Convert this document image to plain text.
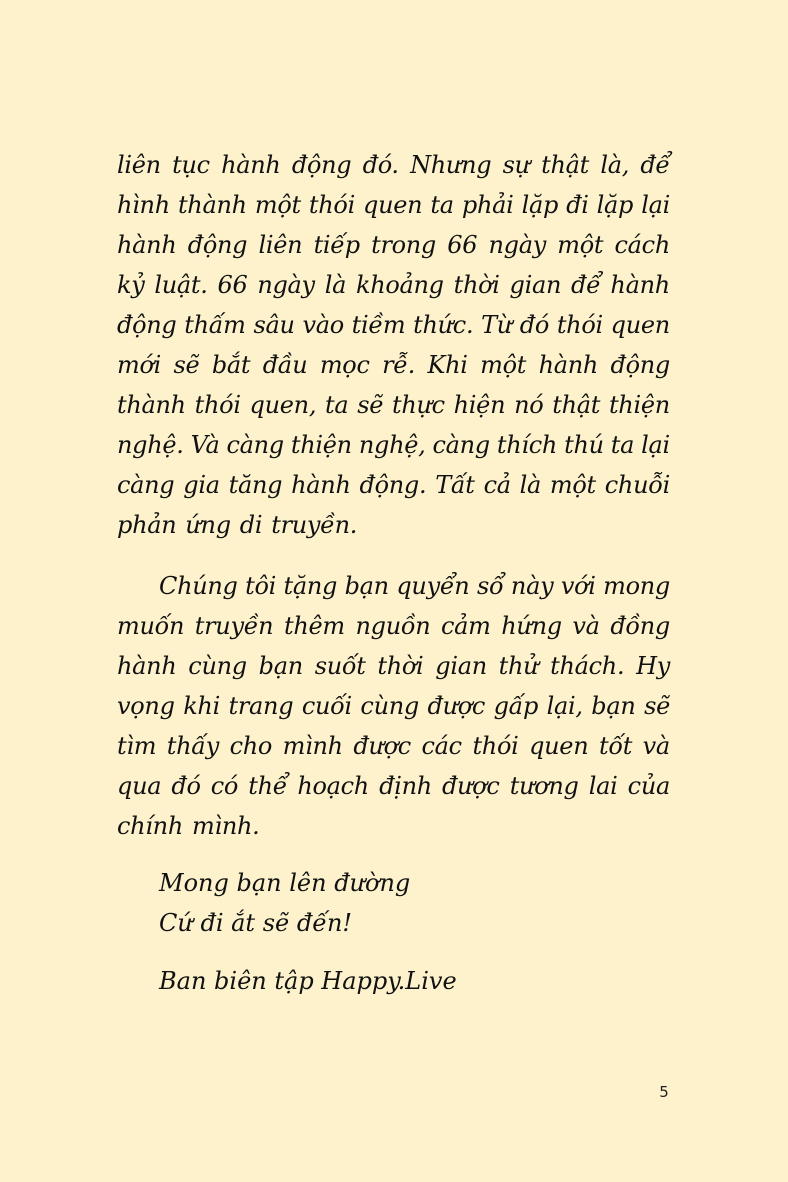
liên tục hành động đó. Nhưng sự thật là, để
hình thành một thói quen ta phải lặp đi lặp lại
hành động liên tiếp trong 66 ngày một cách
kỷ luật. 66 ngày là khoảng thời gian để hành
động thấm sâu vào tiềm thức. Từ đó thói quen
mới sẽ bắt đầu mọc rễ. Khi một hành động
thành thói quen, ta sẽ thực hiện nó thật thiện
nghệ. Và càng thiện nghệ, càng thích thú ta lại
càng gia tăng hành động. Tất cả là một chuỗi
phản ứng di truyền.
Chúng tôi tặng bạn quyển sổ này với mong
muốn truyền thêm nguồn cảm hứng và đồng
hành cùng bạn suốt thời gian thử thách. Hy
vọng khi trang cuối cùng được gấp lại, bạn sẽ
tìm thấy cho mình được các thói quen tốt và
qua đó có thể hoạch định được tương lai của
chính mình.
Mong bạn lên đường
Cứ đi ắt sẽ đến!
Ban biên tập Happy.Live
5
